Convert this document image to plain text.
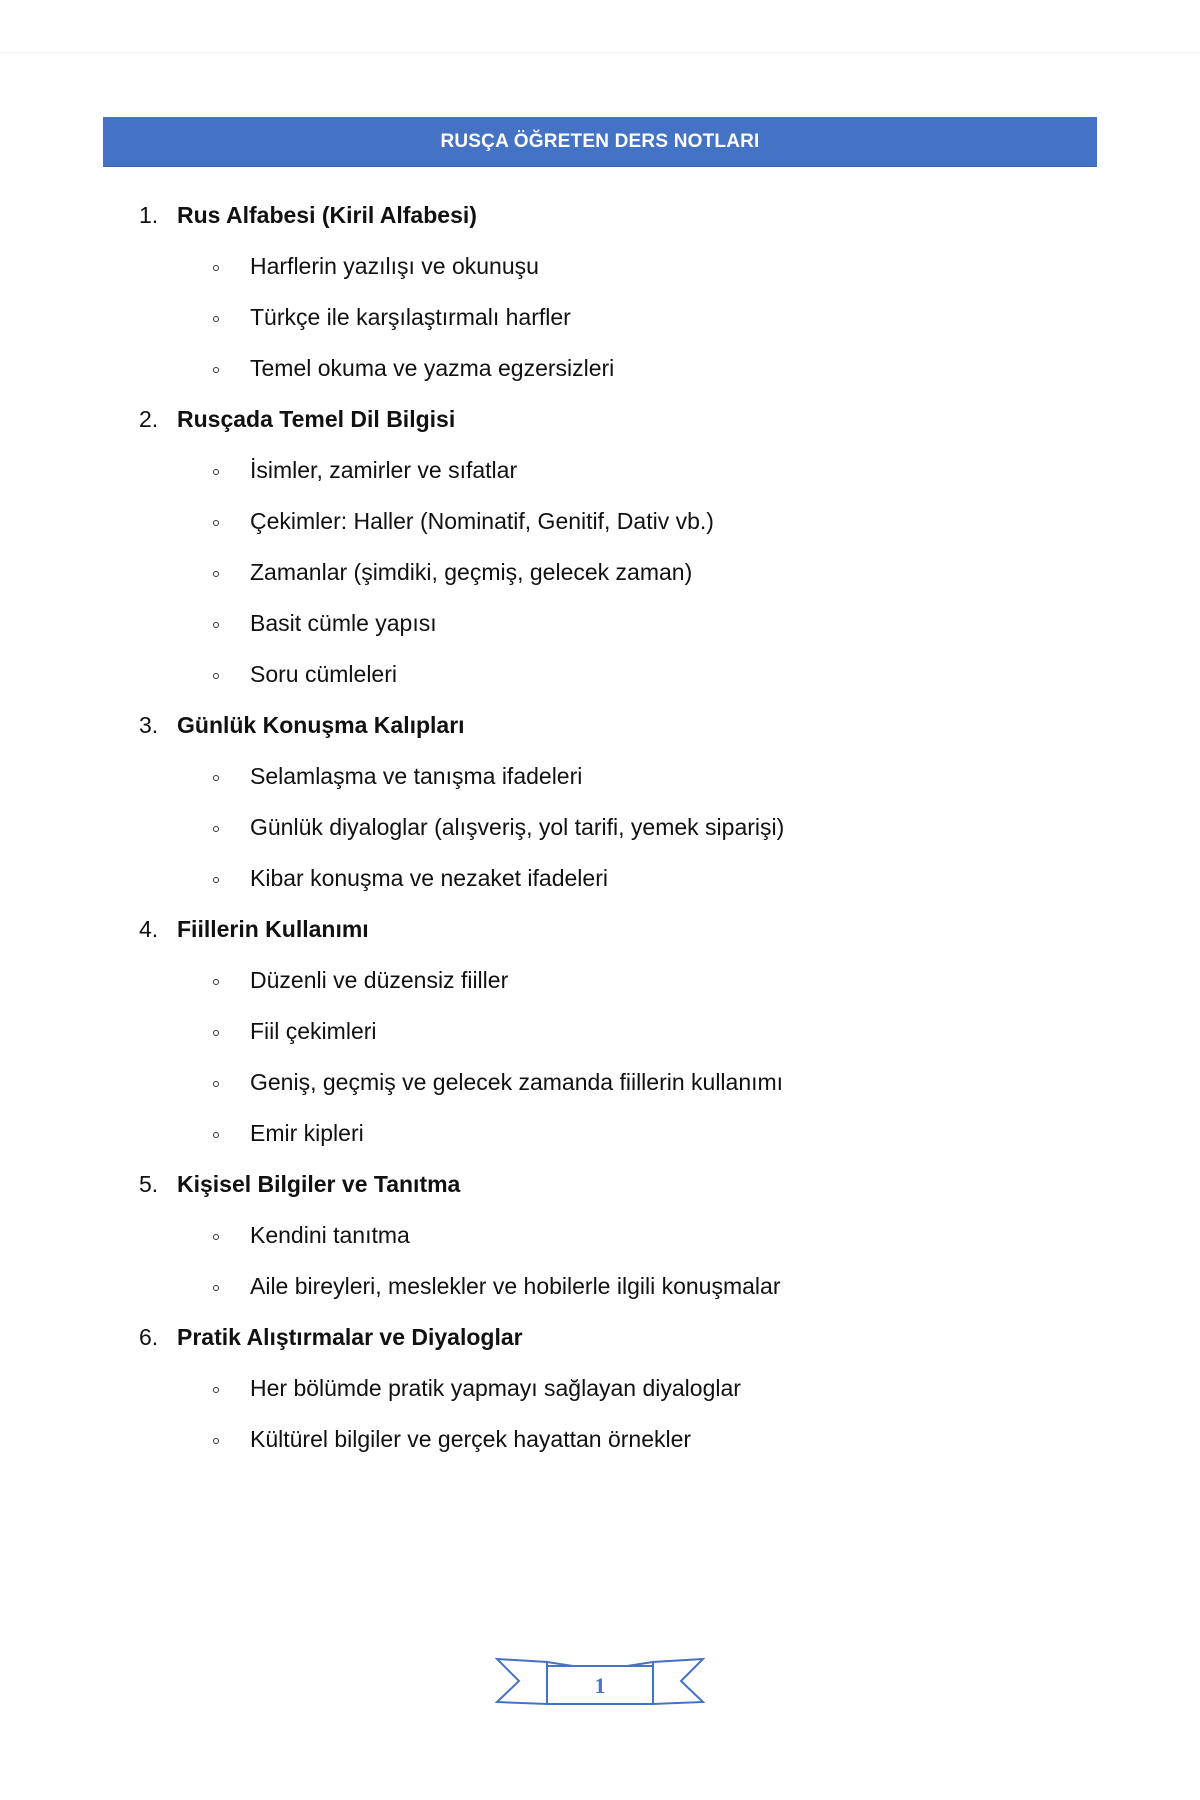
RUSÇA ÖĞRETEN DERS NOTLARI
1. Rus Alfabesi (Kiril Alfabesi)
Harflerin yazılışı ve okunuşu
Türkçe ile karşılaştırmalı harfler
Temel okuma ve yazma egzersizleri
2. Rusçada Temel Dil Bilgisi
İsimler, zamirler ve sıfatlar
Çekimler: Haller (Nominatif, Genitif, Dativ vb.)
Zamanlar (şimdiki, geçmiş, gelecek zaman)
Basit cümle yapısı
Soru cümleleri
3. Günlük Konuşma Kalıpları
Selamlaşma ve tanışma ifadeleri
Günlük diyaloglar (alışveriş, yol tarifi, yemek siparişi)
Kibar konuşma ve nezaket ifadeleri
4. Fiillerin Kullanımı
Düzenli ve düzensiz fiiller
Fiil çekimleri
Geniş, geçmiş ve gelecek zamanda fiillerin kullanımı
Emir kipleri
5. Kişisel Bilgiler ve Tanıtma
Kendini tanıtma
Aile bireyleri, meslekler ve hobilerle ilgili konuşmalar
6. Pratik Alıştırmalar ve Diyaloglar
Her bölümde pratik yapmayı sağlayan diyaloglar
Kültürel bilgiler ve gerçek hayattan örnekler
1
